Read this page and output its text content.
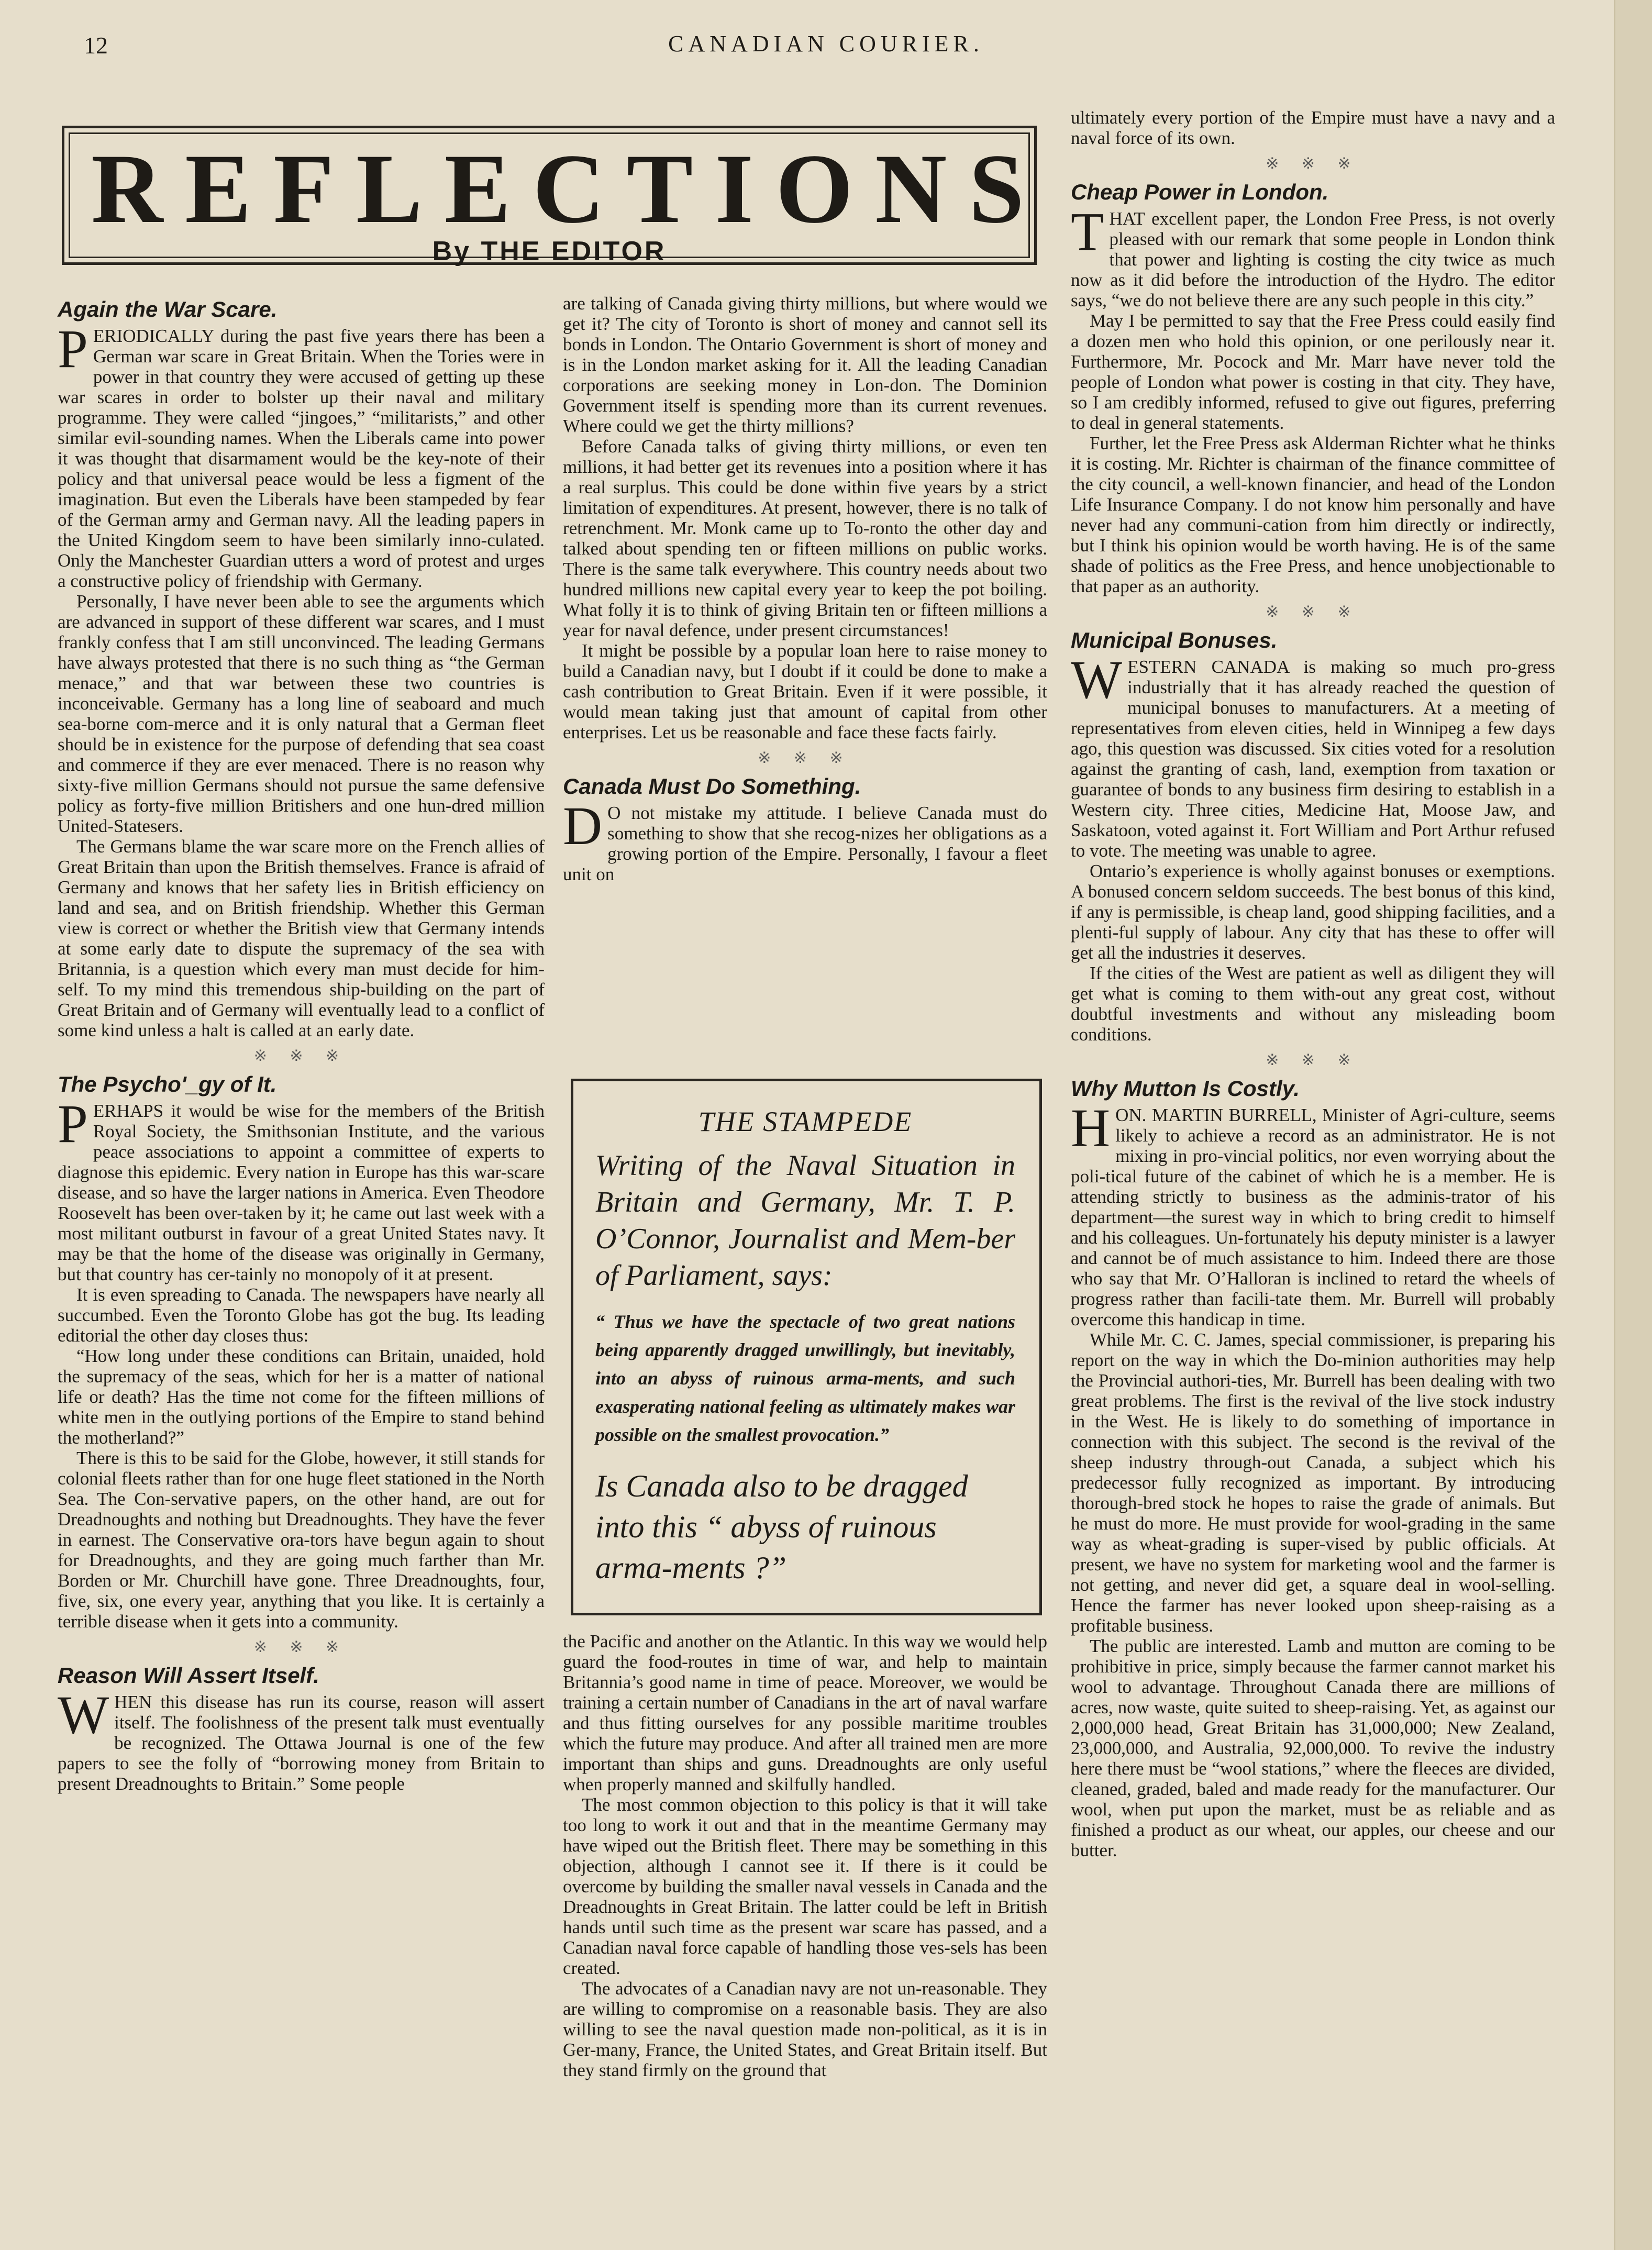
12	CANADIAN COURIER.
REFLECTIONS
By THE EDITOR
Again the War Scare.

PERIODICALLY during the past five years there has been a German war scare in Great Britain. When the Tories were in power in that country they were accused of getting up these war scares in order to bolster up their naval and military programme. They were called “jingoes,” “militarists,” and other similar evil-sounding names. When the Liberals came into power it was thought that disarmament would be the key-note of their policy and that universal peace would be less a figment of the imagination. But even the Liberals have been stampeded by fear of the German army and German navy. All the leading papers in the United Kingdom seem to have been similarly inno-culated. Only the Manchester Guardian utters a word of protest and urges a constructive policy of friendship with Germany.

Personally, I have never been able to see the arguments which are advanced in support of these different war scares, and I must frankly confess that I am still unconvinced. The leading Germans have always protested that there is no such thing as “the German menace,” and that war between these two countries is inconceivable. Germany has a long line of seaboard and much sea-borne com-merce and it is only natural that a German fleet should be in existence for the purpose of defending that sea coast and commerce if they are ever menaced. There is no reason why sixty-five million Germans should not pursue the same defensive policy as forty-five million Britishers and one hun-dred million United-Statesers.

The Germans blame the war scare more on the French allies of Great Britain than upon the British themselves. France is afraid of Germany and knows that her safety lies in British efficiency on land and sea, and on British friendship. Whether this German view is correct or whether the British view that Germany intends at some early date to dispute the supremacy of the sea with Britannia, is a question which every man must decide for him-self. To my mind this tremendous ship-building on the part of Great Britain and of Germany will eventually lead to a conflict of some kind unless a halt is called at an early date.

※ ※ ※
The Psycho'_gy of It.

PERHAPS it would be wise for the members of the British Royal Society, the Smithsonian Institute, and the various peace associations to appoint a committee of experts to diagnose this epidemic. Every nation in Europe has this war-scare disease, and so have the larger nations in America. Even Theodore Roosevelt has been over-taken by it; he came out last week with a most militant outburst in favour of a great United States navy. It may be that the home of the disease was originally in Germany, but that country has cer-tainly no monopoly of it at present.

It is even spreading to Canada. The newspapers have nearly all succumbed. Even the Toronto Globe has got the bug. Its leading editorial the other day closes thus:

“How long under these conditions can Britain, unaided, hold the supremacy of the seas, which for her is a matter of national life or death? Has the time not come for the fifteen millions of white men in the outlying portions of the Empire to stand behind the motherland?”

There is this to be said for the Globe, however, it still stands for colonial fleets rather than for one huge fleet stationed in the North Sea. The Con-servative papers, on the other hand, are out for Dreadnoughts and nothing but Dreadnoughts. They have the fever in earnest. The Conservative ora-tors have begun again to shout for Dreadnoughts, and they are going much farther than Mr. Borden or Mr. Churchill have gone. Three Dreadnoughts, four, five, six, one every year, anything that you like. It is certainly a terrible disease when it gets into a community.

※ ※ ※
Reason Will Assert Itself.

WHEN this disease has run its course, reason will assert itself. The foolishness of the present talk must eventually be recognized. The Ottawa Journal is one of the few papers to see the folly of “borrowing money from Britain to present Dreadnoughts to Britain.” Some people

are talking of Canada giving thirty millions, but where would we get it? The city of Toronto is short of money and cannot sell its bonds in London. The Ontario Government is short of money and is in the London market asking for it. All the leading Canadian corporations are seeking money in Lon-don. The Dominion Government itself is spending more than its current revenues. Where could we get the thirty millions?

Before Canada talks of giving thirty millions, or even ten millions, it had better get its revenues into a position where it has a real surplus. This could be done within five years by a strict limitation of expenditures. At present, however, there is no talk of retrenchment. Mr. Monk came up to To-ronto the other day and talked about spending ten or fifteen millions on public works. There is the same talk everywhere. This country needs about two hundred millions new capital every year to keep the pot boiling. What folly it is to think of giving Britain ten or fifteen millions a year for naval defence, under present circumstances!

It might be possible by a popular loan here to raise money to build a Canadian navy, but I doubt if it could be done to make a cash contribution to Great Britain. Even if it were possible, it would mean taking just that amount of capital from other enterprises. Let us be reasonable and face these facts fairly.

※ ※ ※
Canada Must Do Something.

D O not mistake my attitude. I believe Canada must do something to show that she recog-nizes her obligations as a growing portion of the Empire. Personally, I favour a fleet unit on

THE STAMPEDE
Writing of the Naval Situation in Britain and Germany, Mr. T. P. O’Connor, Journalist and Mem-ber of Parliament, says:
“ Thus we have the spectacle of two great nations being apparently dragged unwillingly, but inevitably, into an abyss of ruinous arma-ments, and such exasperating national feeling as ultimately makes war possible on the smallest provocation.”
Is Canada also to be dragged into this “ abyss of ruinous arma-ments ?”

the Pacific and another on the Atlantic. In this way we would help guard the food-routes in time of war, and help to maintain Britannia’s good name in time of peace. Moreover, we would be training a certain number of Canadians in the art of naval warfare and thus fitting ourselves for any possible maritime troubles which the future may produce. And after all trained men are more important than ships and guns. Dreadnoughts are only useful when properly manned and skilfully handled.

The most common objection to this policy is that it will take too long to work it out and that in the meantime Germany may have wiped out the British fleet. There may be something in this objection, although I cannot see it. If there is it could be overcome by building the smaller naval vessels in Canada and the Dreadnoughts in Great Britain. The latter could be left in British hands until such time as the present war scare has passed, and a Canadian naval force capable of handling those ves-sels has been created.

The advocates of a Canadian navy are not un-reasonable. They are willing to compromise on a reasonable basis. They are also willing to see the naval question made non-political, as it is in Ger-many, France, the United States, and Great Britain itself. But they stand firmly on the ground that

ultimately every portion of the Empire must have a navy and a naval force of its own.

※ ※ ※
Cheap Power in London.

THAT excellent paper, the London Free Press, is not overly pleased with our remark that some people in London think that power and lighting is costing the city twice as much now as it did before the introduction of the Hydro. The editor says, “we do not believe there are any such people in this city.”

May I be permitted to say that the Free Press could easily find a dozen men who hold this opinion, or one perilously near it. Furthermore, Mr. Pocock and Mr. Marr have never told the people of London what power is costing in that city. They have, so I am credibly informed, refused to give out figures, preferring to deal in general statements.

Further, let the Free Press ask Alderman Richter what he thinks it is costing. Mr. Richter is chairman of the finance committee of the city council, a well-known financier, and head of the London Life Insurance Company. I do not know him personally and have never had any communi-cation from him directly or indirectly, but I think his opinion would be worth having. He is of the same shade of politics as the Free Press, and hence unobjectionable to that paper as an authority.

※ ※ ※
Municipal Bonuses.

WESTERN CANADA is making so much pro-gress industrially that it has already reached the question of municipal bonuses to manufacturers. At a meeting of representatives from eleven cities, held in Winnipeg a few days ago, this question was discussed. Six cities voted for a resolution against the granting of cash, land, exemption from taxation or guarantee of bonds to any business firm desiring to establish in a Western city. Three cities, Medicine Hat, Moose Jaw, and Saskatoon, voted against it. Fort William and Port Arthur refused to vote. The meeting was unable to agree.

Ontario’s experience is wholly against bonuses or exemptions. A bonused concern seldom succeeds. The best bonus of this kind, if any is permissible, is cheap land, good shipping facilities, and a plenti-ful supply of labour. Any city that has these to offer will get all the industries it deserves.

If the cities of the West are patient as well as diligent they will get what is coming to them with-out any great cost, without doubtful investments and without any misleading boom conditions.

※ ※ ※
Why Mutton Is Costly.

HON. MARTIN BURRELL, Minister of Agri-culture, seems likely to achieve a record as an administrator. He is not mixing in pro-vincial politics, nor even worrying about the poli-tical future of the cabinet of which he is a member. He is attending strictly to business as the adminis-trator of his department—the surest way in which to bring credit to himself and his colleagues. Un-fortunately his deputy minister is a lawyer and cannot be of much assistance to him. Indeed there are those who say that Mr. O’Halloran is inclined to retard the wheels of progress rather than facili-tate them. Mr. Burrell will probably overcome this handicap in time.

While Mr. C. C. James, special commissioner, is preparing his report on the way in which the Do-minion authorities may help the Provincial authori-ties, Mr. Burrell has been dealing with two great problems. The first is the revival of the live stock industry in the West. He is likely to do something of importance in connection with this subject. The second is the revival of the sheep industry through-out Canada, a subject which his predecessor fully recognized as important. By introducing thorough-bred stock he hopes to raise the grade of animals. But he must do more. He must provide for wool-grading in the same way as wheat-grading is super-vised by public officials. At present, we have no system for marketing wool and the farmer is not getting, and never did get, a square deal in wool-selling. Hence the farmer has never looked upon sheep-raising as a profitable business.

The public are interested. Lamb and mutton are coming to be prohibitive in price, simply because the farmer cannot market his wool to advantage. Throughout Canada there are millions of acres, now waste, quite suited to sheep-raising. Yet, as against our 2,000,000 head, Great Britain has 31,000,000; New Zealand, 23,000,000, and Australia, 92,000,000. To revive the industry here there must be “wool stations,” where the fleeces are divided, cleaned, graded, baled and made ready for the manufacturer. Our wool, when put upon the market, must be as reliable and as finished a product as our wheat, our apples, our cheese and our butter.
